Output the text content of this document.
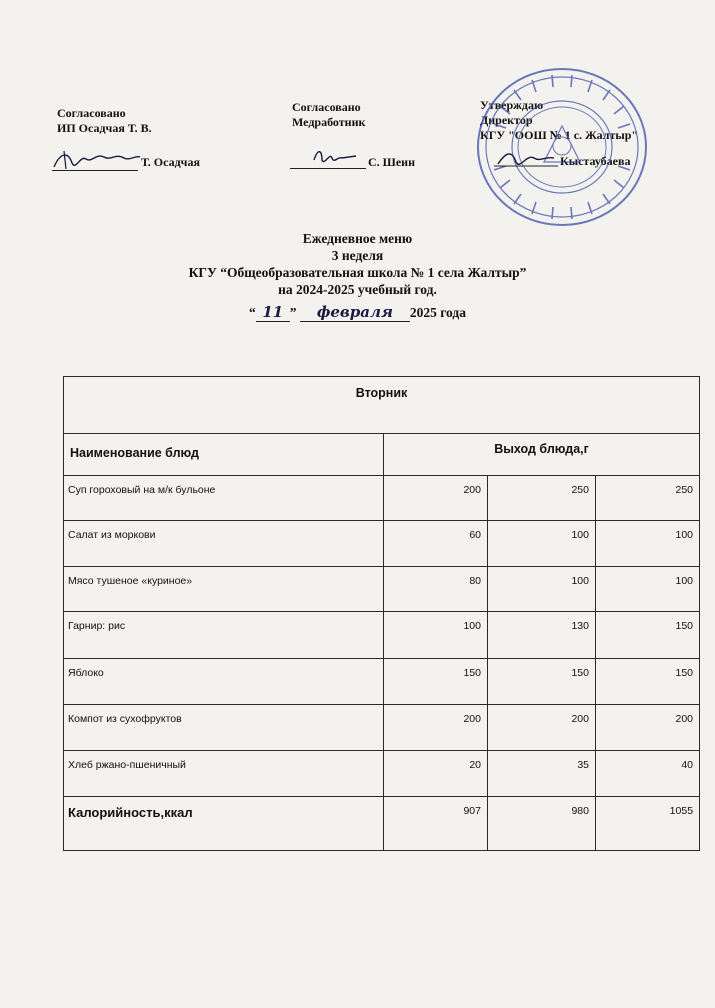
Согласовано
ИП Осадчая Т. В.
Т. Осадчая
Согласовано
Медработник
С. Шеин
Утверждаю
Директор
КГУ "ООШ № 1 с. Жалтыр"
Кыстаубаева
Ежедневное меню
3 неделя
КГУ “Общеобразовательная школа № 1 села Жалтыр”
на 2024-2025 учебный год.
“ 11 ” февраля 2025 года
Вторник			
Наименование блюд	Выход блюда,г		
Суп гороховый на м/к бульоне	200	250	250
Салат из моркови	60	100	100
Мясо тушеное «куриное»	80	100	100
Гарнир: рис	100	130	150
Яблоко	150	150	150
Компот из сухофруктов	200	200	200
Хлеб ржано-пшеничный	20	35	40
Калорийность,ккал	907	980	1055
